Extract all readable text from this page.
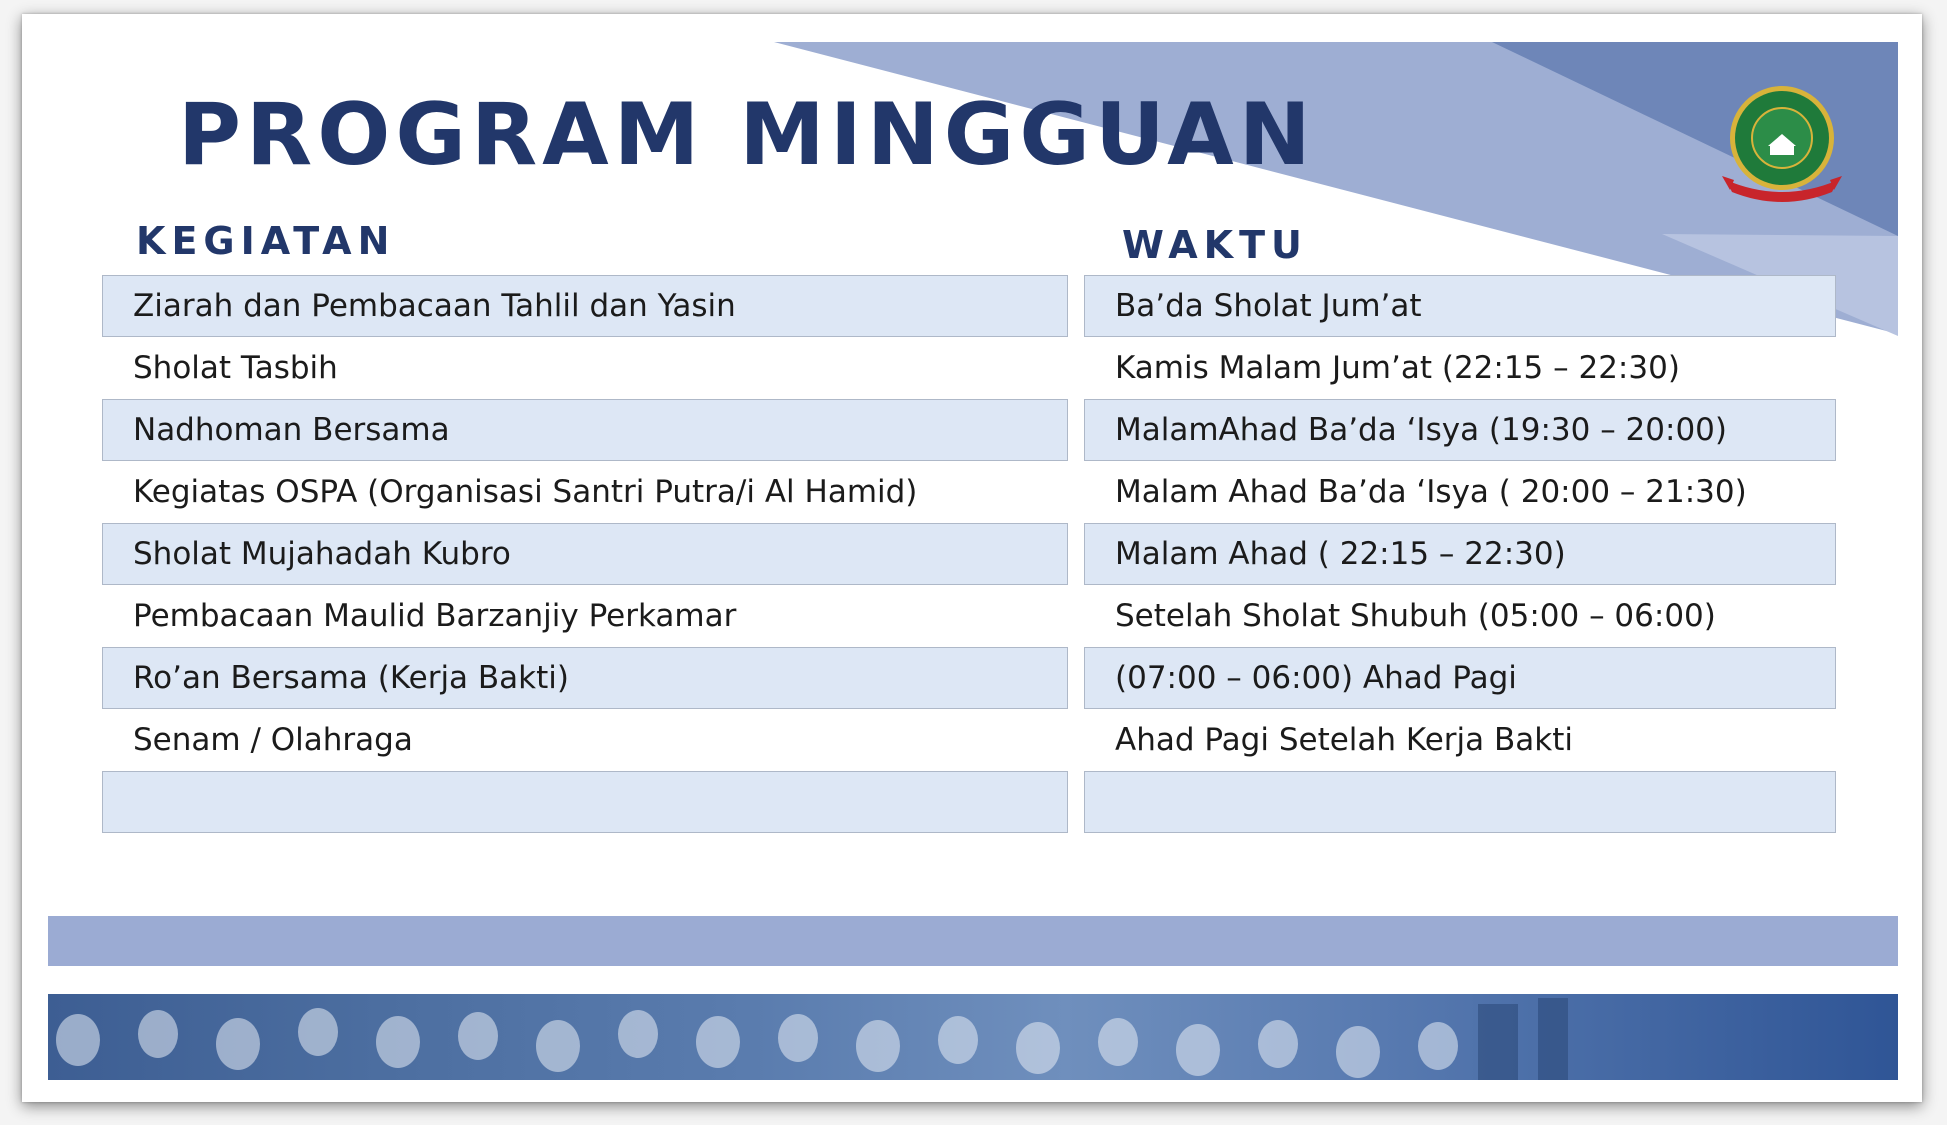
PROGRAM MINGGUAN
KEGIATAN	WAKTU
Ziarah dan Pembacaan Tahlil dan Yasin
Sholat Tasbih
Nadhoman Bersama
Kegiatas OSPA (Organisasi Santri Putra/i Al Hamid)
Sholat Mujahadah Kubro
Pembacaan Maulid Barzanjiy Perkamar
Ro’an Bersama (Kerja Bakti)
Senam / Olahraga
Ba’da Sholat Jum’at
Kamis Malam Jum’at (22:15 – 22:30)
MalamAhad Ba’da ‘Isya (19:30 – 20:00)
Malam Ahad Ba’da ‘Isya ( 20:00 – 21:30)
Malam Ahad ( 22:15 – 22:30)
Setelah Sholat Shubuh (05:00 – 06:00)
(07:00 – 06:00) Ahad Pagi
Ahad Pagi Setelah Kerja Bakti
